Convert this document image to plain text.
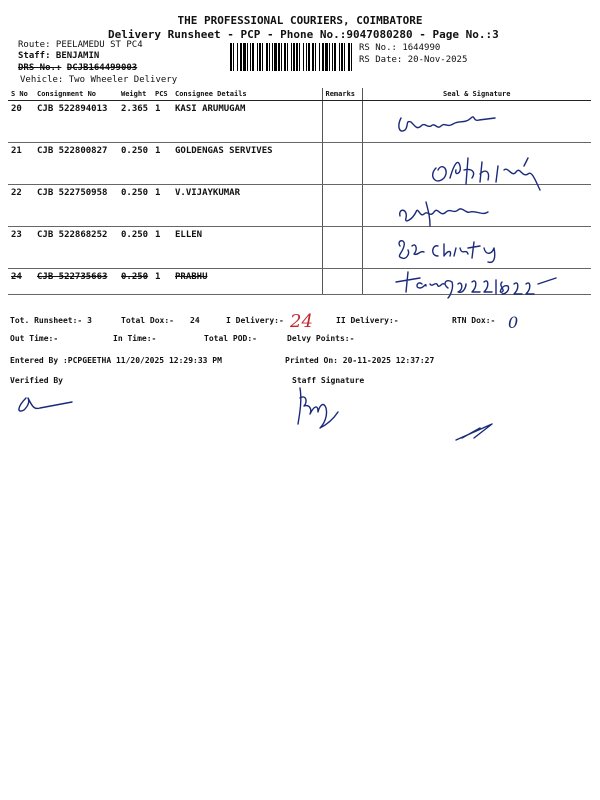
THE PROFESSIONAL COURIERS, COIMBATORE
Delivery Runsheet - PCP - Phone No.:9047080280 - Page No.:3
Route: PEELAMEDU ST PC4
Staff: BENJAMIN
DRS No.: DCJB164499003
Vehicle: Two Wheeler Delivery
RS No.: 1644990
RS Date: 20-Nov-2025
S No	Consignment No	Weight	PCS	Consignee Details	Remarks	Seal & Signature
20	CJB 522894013	2.365	1	KASI ARUMUGAM		
21	CJB 522800827	0.250	1	GOLDENGAS SERVIVES		
22	CJB 522750958	0.250	1	V.VIJAYKUMAR		
23	CJB 522868252	0.250	1	ELLEN		
24	CJB 522735663	0.250	1	PRABHU		
Tot. Runsheet:- 3	Total Dox:- 24	I Delivery:- 24	II Delivery:-	RTN Dox:- 0
Out Time:-	In Time:-	Total POD:-	Delvy Points:-
Entered By :PCPGEETHA 11/20/2025 12:29:33 PM	Printed On: 20-11-2025 12:37:27
Verified By	Staff Signature
